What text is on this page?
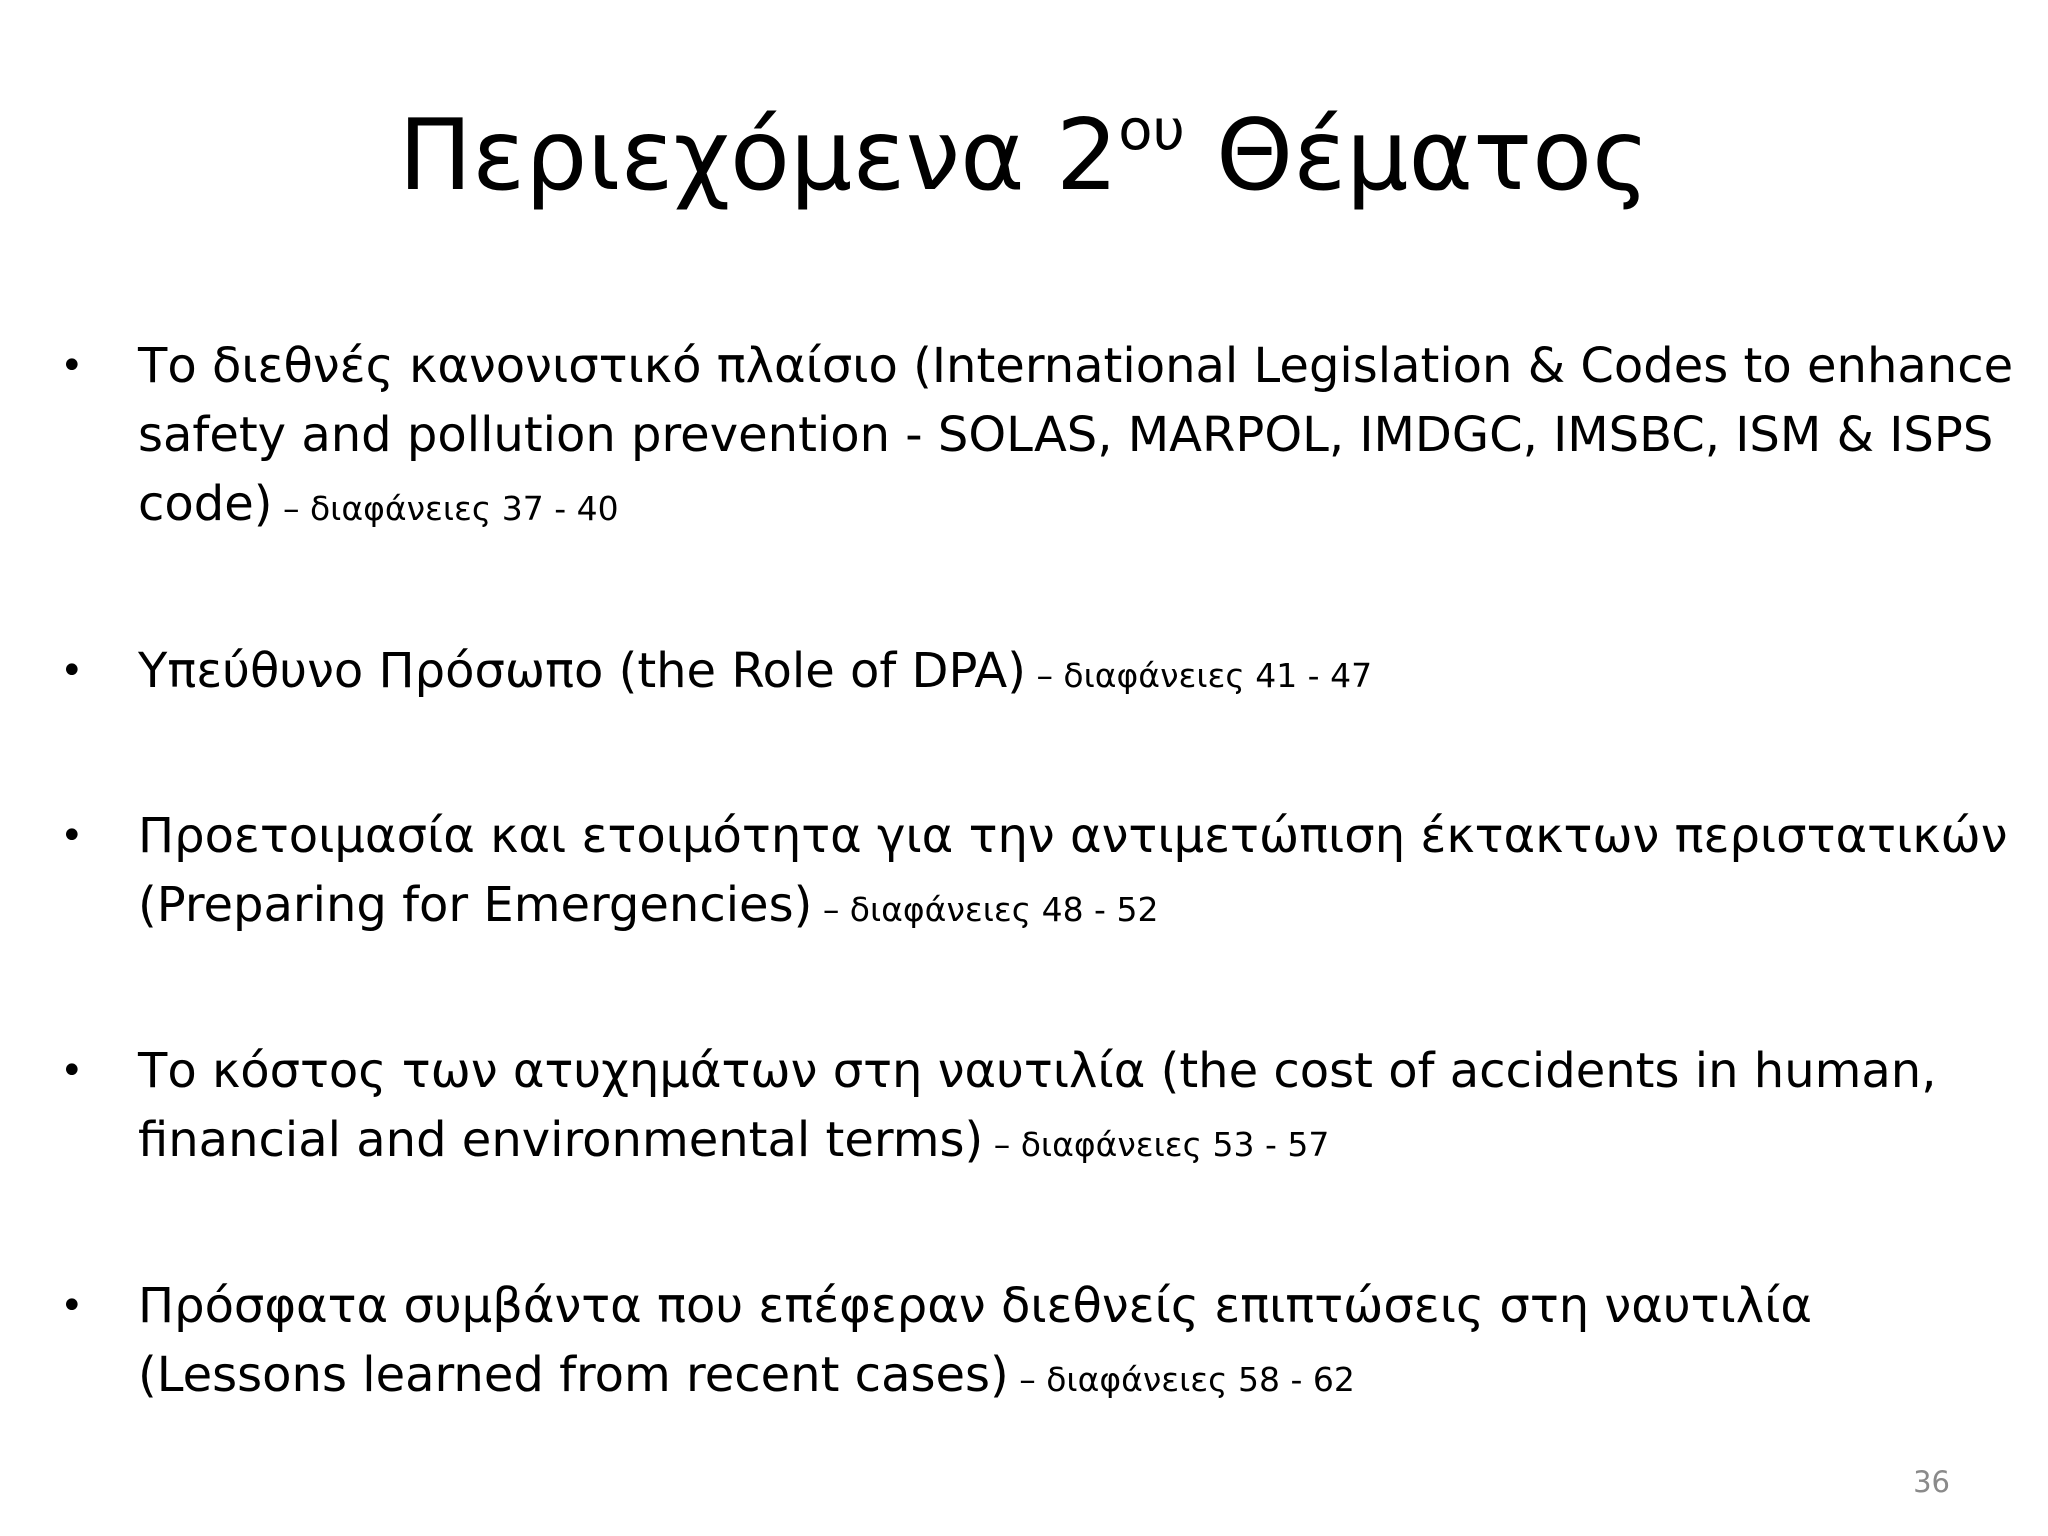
Περιεχόμενα $2^{o\upsilon}$ Θέματος
•	Το διεθνές κανονιστικό πλαίσιο (International Legislation & Codes to enhance safety and pollution prevention - SOLAS, MARPOL, IMDGC, IMSBC, ISM & ISPS code) – διαφάνειες 37 - 40
•	Υπεύθυνο Πρόσωπο (the Role of DPA) – διαφάνειες 41 - 47
•	Προετοιμασία και ετοιμότητα για την αντιμετώπιση έκτακτων περιστατικών (Preparing for Emergencies) – διαφάνειες 48 - 52
•	Το κόστος των ατυχημάτων στη ναυτιλία (the cost of accidents in human, financial and environmental terms) – διαφάνειες 53 - 57
•	Πρόσφατα συμβάντα που επέφεραν διεθνείς επιπτώσεις στη ναυτιλία (Lessons learned from recent cases) – διαφάνειες 58 - 62
36
